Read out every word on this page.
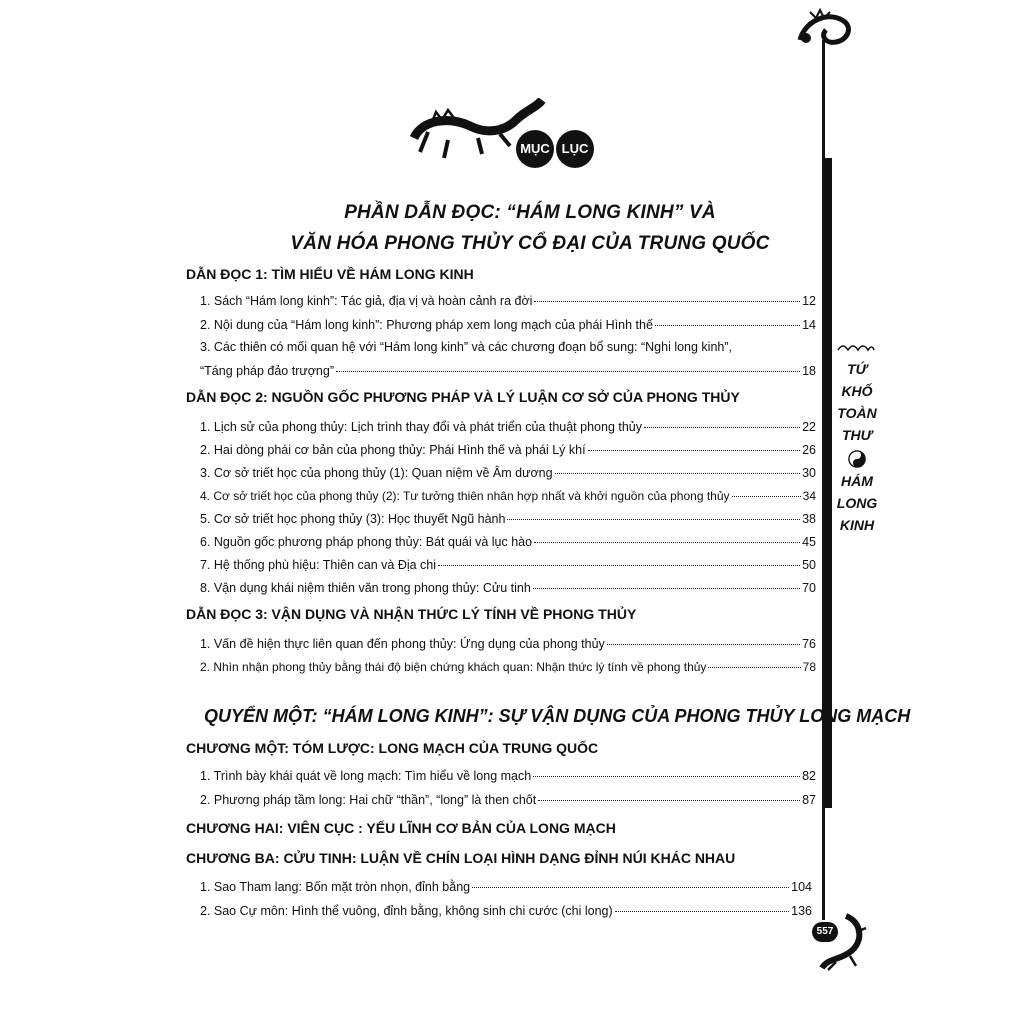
TỨ
KHỐ
TOÀN
THƯ
HÁM
LONG
KINH
557
MỤC LỤC
PHẦN DẪN ĐỌC: “HÁM LONG KINH” VÀ
VĂN HÓA PHONG THỦY CỔ ĐẠI CỦA TRUNG QUỐC
DẪN ĐỌC 1: TÌM HIỂU VỀ HÁM LONG KINH
1. Sách “Hám long kinh”: Tác giả, địa vị và hoàn cảnh ra đời	12
2. Nội dung của “Hám long kinh”: Phương pháp xem long mạch của phái Hình thế	14
3. Các thiên có mối quan hệ với “Hám long kinh” và các chương đoạn bổ sung: “Nghi long kinh”,
“Táng pháp đảo trượng”	18
DẪN ĐỌC 2: NGUỒN GỐC PHƯƠNG PHÁP VÀ LÝ LUẬN CƠ SỞ CỦA PHONG THỦY
1. Lịch sử của phong thủy: Lịch trình thay đổi và phát triển của thuật phong thủy	22
2. Hai dòng phái cơ bản của phong thủy: Phái Hình thế và phái Lý khí	26
3. Cơ sở triết học của phong thủy (1): Quan niệm về Âm dương	30
4. Cơ sở triết học của phong thủy (2): Tư tưởng thiên nhân hợp nhất và khởi nguồn của phong thủy	34
5. Cơ sở triết học phong thủy (3): Học thuyết Ngũ hành	38
6. Nguồn gốc phương pháp phong thủy: Bát quái và lục hào	45
7. Hệ thống phù hiệu: Thiên can và Địa chi	50
8. Vận dụng khái niệm thiên văn trong phong thủy: Cửu tinh	70
DẪN ĐỌC 3: VẬN DỤNG VÀ NHẬN THỨC LÝ TÍNH VỀ PHONG THỦY
1. Vấn đề hiện thực liên quan đến phong thủy: Ứng dụng của phong thủy	76
2. Nhìn nhận phong thủy bằng thái độ biện chứng khách quan: Nhận thức lý tính về phong thủy	78
QUYỂN MỘT: “HÁM LONG KINH”: SỰ VẬN DỤNG CỦA PHONG THỦY LONG MẠCH
CHƯƠNG MỘT: TÓM LƯỢC: LONG MẠCH CỦA TRUNG QUỐC
1. Trình bày khái quát về long mạch: Tìm hiểu về long mạch	82
2. Phương pháp tầm long: Hai chữ “thần”, “long” là then chốt	87
CHƯƠNG HAI: VIÊN CỤC : YẾU LĨNH CƠ BẢN CỦA LONG MẠCH
CHƯƠNG BA: CỬU TINH: LUẬN VỀ CHÍN LOẠI HÌNH DẠNG ĐỈNH NÚI KHÁC NHAU
1. Sao Tham lang: Bốn mặt tròn nhọn, đỉnh bằng	104
2. Sao Cự môn: Hình thể vuông, đỉnh bằng, không sinh chi cước (chi long)	136
